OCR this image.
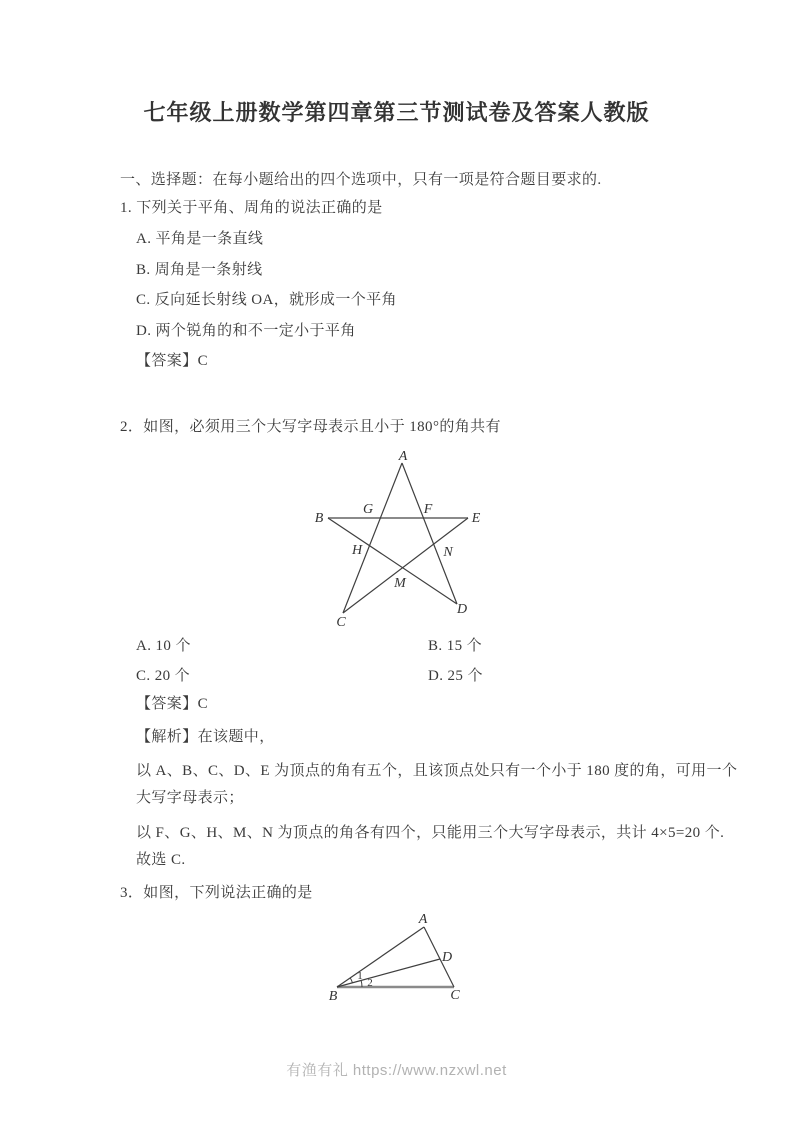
七年级上册数学第四章第三节测试卷及答案人教版
一、选择题：在每小题给出的四个选项中，只有一项是符合题目要求的.
1. 下列关于平角、周角的说法正确的是
A. 平角是一条直线
B. 周角是一条射线
C. 反向延长射线 OA，就形成一个平角
D. 两个锐角的和不一定小于平角
【答案】C
2．如图，必须用三个大写字母表示且小于 180°的角共有
A
B	E
G	F
H	N
M
C
D
A. 10 个	B. 15 个
C. 20 个	D. 25 个
【答案】C
【解析】在该题中，
以 A、B、C、D、E 为顶点的角有五个，且该顶点处只有一个小于 180 度的角，可用一个
大写字母表示；
以 F、G、H、M、N 为顶点的角各有四个，只能用三个大写字母表示，共计 4×5=20 个.
故选 C.
3．如图，下列说法正确的是
A
B	C
D
1
2
有渔有礼 https://www.nzxwl.net
